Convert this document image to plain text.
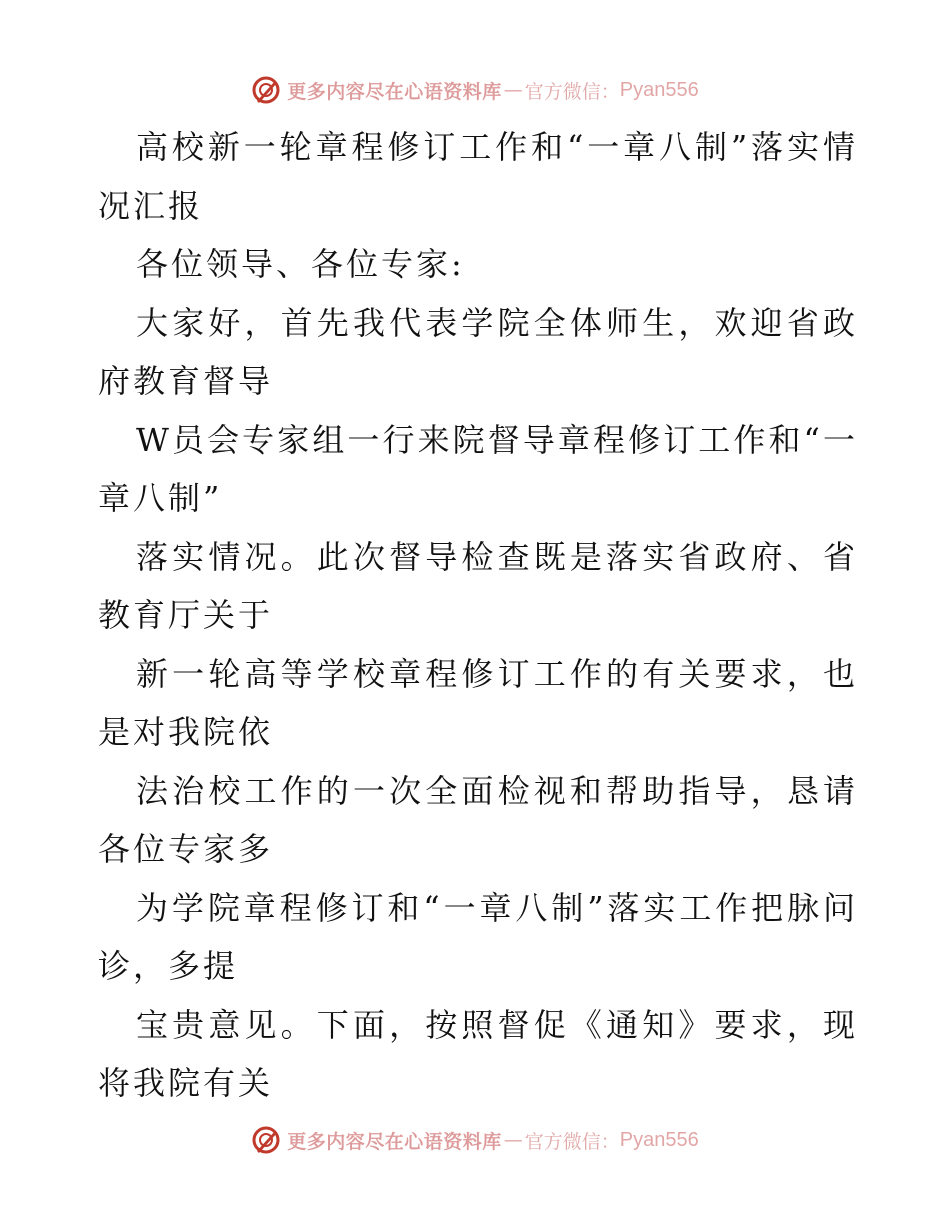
更多内容尽在心语资料库 — 官方微信： Pyan556

高校新一轮章程修订工作和“一章八制”落实情况汇报

各位领导、各位专家:

大家好，首先我代表学院全体师生，欢迎省政府教育督导

W员会专家组一行来院督导章程修订工作和“一章八制”

落实情况。此次督导检查既是落实省政府、省教育厅关于

新一轮高等学校章程修订工作的有关要求，也是对我院依

法治校工作的一次全面检视和帮助指导，恳请各位专家多

为学院章程修订和“一章八制”落实工作把脉问诊，多提

宝贵意见。下面，按照督促《通知》要求，现将我院有关

更多内容尽在心语资料库 — 官方微信： Pyan556
